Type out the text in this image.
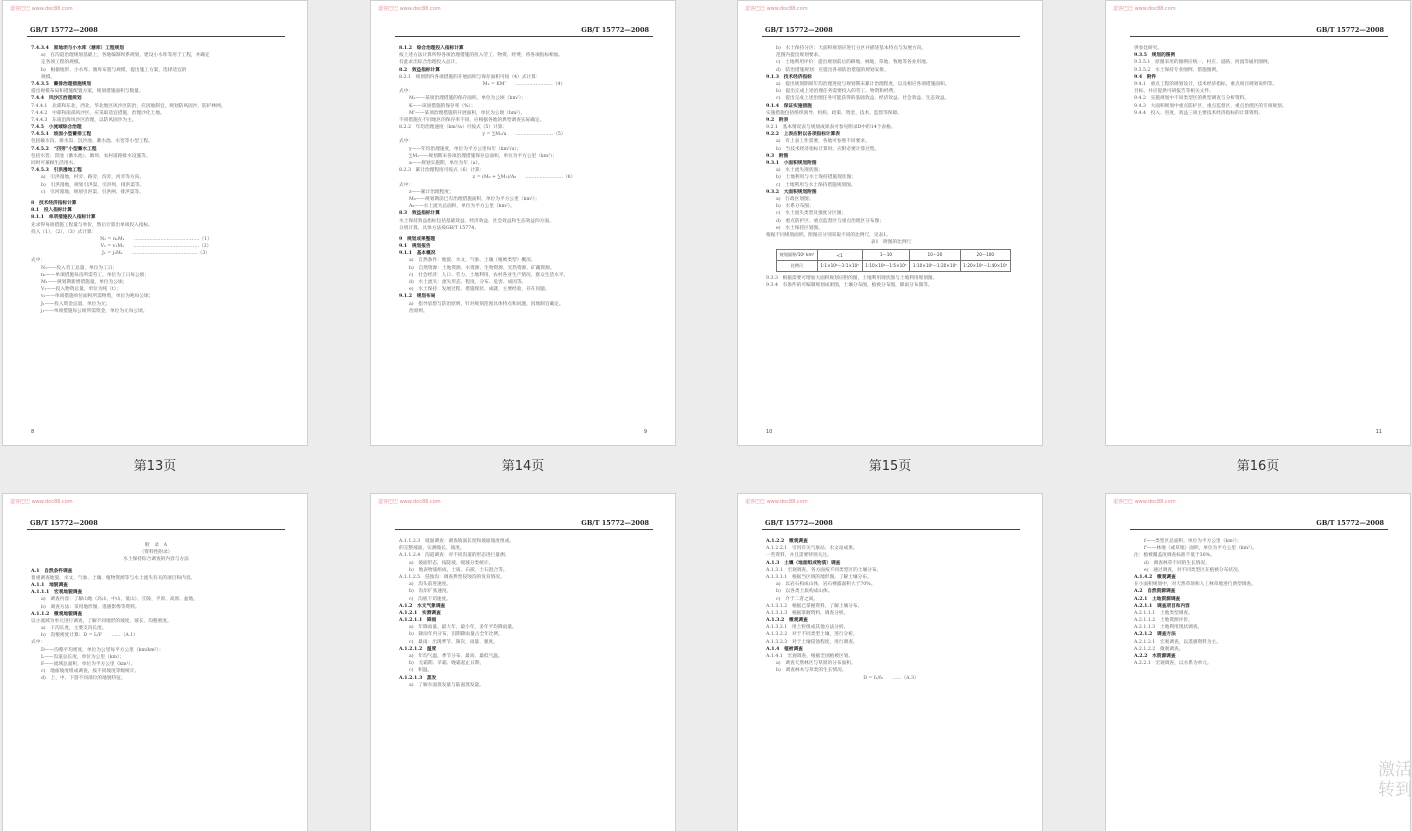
道客巴巴 www.doc88.com
GB/T 15772—2008
7.4.3.4　原地坝与小水库（塘库）工程规划
a)　在沟道治理规划基础上，各地编制坝系规划，建设小水库等用于工程，并确定
定各项工程的规模。
b)　根据地形、小水库、塘库布置与规模，提出施工方案，选择适宜的
规模。
7.4.3.5　蓄排治理措施规划
提出规模布局和措施配置方案，规划措施面积与数量。
7.4.4　风沙区治理规划
7.4.4.1　北部和东北、西北、华北地区风沙区防治，应因地制宜，规划防风固沙，防护林网。
7.4.4.2　中部和南部风沙区，应采取适宜措施，治理沙化土地。
7.4.4.3　东南沿海风沙区治理，以防风固沙为主。
7.4.5　小流域综合治理
7.4.5.1　坡面小型蓄排工程
包括截水沟、排水沟、沉沙池、蓄水池、水窖等小型工程。
7.4.5.2　“四旁”小型蓄水工程
包括水窖、涝池（蓄水池）、塘坝、农村道路排水设施等。
同时可兼顾生活用水。
7.4.5.3　引洪漫地工程
a)　引洪漫地，村旁、路旁，沟旁，河旁等方向。
b)　引洪漫地，规划引洪渠、引洪坝、排洪渠等。
c)　引河漫地，规划引洪渠、引洪闸、排洪渠等。
8　技术经济指标计算
8.1　投入指标计算
8.1.1　单项措施投入指标计算
先求得每项措施工程量与单价，然后计算出单项投入指标。
投入（1）、（2）、（3）式计算：
N₁ = n₁M₁　　……………………………………（1）
V₁ = v₁M₁　　……………………………………（2）
J₁ = j₁M₁　　……………………………………（3）
式中：
N₁——投入劳工总量，单位为工日；
n₁——单项措施每亩所需劳工，单位为工日每公顷；
M₁——规划期新增措施量，单位为公顷；
V₁——投入物资总量，单位为吨（t）；
v₁——单项措施单位面积所需物资，单位为吨每公顷；
J₁——投入资金总量，单位为元；
j₁——单项措施每公顷所需资金，单位为元每公顷。
8
道客巴巴 www.doc88.com
GB/T 15772—2008
8.1.2　综合治理投入指标计算
按上述方法计算所得各项治理措施的投入劳工、物资、经费，将各项指标相加。
有此求出综合治理投入总计。
8.2　效益指标计算
8.2.1　规划期内各项措施的开展面积与保存面积可按（4）式计算：
M₁ = KM'　　……………………（4）
式中：
M₁——某项治理措施的保存面积，单位为公顷（hm²）；
K——该项措施的保存率（%）；
M'——某项治理措施的开展面积，单位为公顷（hm²）。
不同措施在不同地区的保存率不同，应根据各地的典型调查实际确定。
8.2.2　年均治理速度（km²/a）可按式（5）计算：
y = ∑M₁/a　　……………………（5）
式中：
y——年均治理速度，单位为平方公里每年（km²/a）；
∑M₁——规划期末各项治理措施保存总面积，单位为平方公里（km²）；
a——规划实施期，单位为年（a）。
8.2.3　累计治理程度可按式（6）计算：
z = (M₀ + ∑M₁)/A₀　　……………………（6）
式中：
z——累计治理程度；
M₀——规划期前已有治理措施面积，单位为平方公里（km²）；
A₀——水土流失总面积，单位为平方公里（km²）。
8.3　效益指标计算
水土保持效益指标包括基础效益、经济效益、社会效益和生态效益四方面。
分别计算，具体方法按GB/T 15774。
9　规划成果整理
9.1　规划报告
9.1.1　基本概况
a)　自然条件：地貌、水文、气象、土壤（植被类型）概况。
b)　自然资源：土地资源、水资源、生物资源、光热资源、矿藏资源。
c)　社会经济：人口、劳力、土地利用、农村各业生产情况、群众生活水平。
d)　水土流失：流失形态、程度、分布、危害、成因等。
e)　水土保持：发展过程、措施现状、成就、主要经验、存在问题。
9.1.2　规划布局
a)　指导思想与防治原则，针对规划范围具体特点和问题，因地制宜确定。
治原则。
9
道客巴巴 www.doc88.com
GB/T 15772—2008
b)　水土保持分区：大面积规划应进行分区并描述基本特点与发展方向。
范围内提出规划要求。
c)　土地利用评价：提出规划前后的耕地、林地、草地、牧地等各业用地。
d)　防治措施规划：应提出各项防治措施的规划安排。
9.1.3　技术经济指标
a)　提出规划期间年均治理进度与规划期末累计治理程度，以及相应各项措施面积。
b)　提出完成上述治理任务需要投入的劳工、物资和经费。
c)　提出完成上述治理任务可能获得的基础效益、经济效益、社会效益、生态效益。
9.1.4　保证实施措施
实施措施包括组织领导、机构、政策、资金、技术、监督等保障。
9.2　附表
9.2.1　基本情况表与规划成果表可参见附录D中的14个表格。
9.2.2　上表应附以各项指标计算表
a)　有上表工作需要，各地可参照不同要求。
b)　当技术经济指标计算时，应附必要计算过程。
9.3　附图
9.3.1　小面积规划附图
a)　水土流失现状图；
b)　土地利用与水土保持措施现状图；
c)　土地利用与水土保持措施规划图。
9.3.2　大面积规划附图
a)　行政区划图；
b)　水系分布图；
c)　水土流失类型及强度分区图；
d)　重点防护区、重点监督区与重点治理区分布图；
e)　水土保持区划图。
根据不同规划面积，附图应分别采取不同的比例尺，见表1。
表1　附图的比例尺
规划面积/10² km²	<1	1～10	10～20	20～100
比例尺	1:1×10⁴～1:1×10⁵	1:10×10⁴～1:5×10⁵	1:10×10⁵～1:20×10⁵	1:20×10⁵～1:40×10⁵
9.3.3　根据需要可增加大面积规划应附的图，土地利用现状图与土地利用规划图。
9.3.4　有条件的可编制规划成果图，土壤分布图，植被分布图，降雨分布图等。
10
道客巴巴 www.doc88.com
GB/T 15772—2008
供参比研究。
9.3.5　规划的图例
9.3.5.1　原图采用的图例应统一，村庄、道路、河流等通用图例。
9.3.5.2　水土保持专业图例、措施图例。
9.4　附件
9.4.1　重点工程的规划设计，技术经济指标，重点项目规划说明等。
目标，并应提供可研报告等相关文件。
9.4.2　实施规划中不同类型区的典型调查与分析资料。
9.4.3　大面积规划中重点防护区、重点监督区、重点治理区的专项规划。
9.4.4　投入、进度、效益三项主要技术经济指标的计算资料。
11
第13页	第14页	第15页	第16页
道客巴巴 www.doc88.com
GB/T 15772—2008
附　录　A
（资料性附录）
水土保持综合调查的内容与方法
A.1　自然条件调查
着重调查地貌、水文、气象、土壤、植物资源等与水土流失有关的项目和内容。
A.1.1　地貌调查
A.1.1.1　宏观地貌调查
a)　调查内容：了解山地（高山、中山、低山）、丘陵、平原、高原、盆地。
b)　调查方法：采用地形图、遥感影像等资料。
A.1.1.2　微观地貌调查
以小流域为单元进行调查，了解不同地形的坡度、坡长、沟壑密度。
a)　干沟长度，主要支沟长度。
b)　沟壑密度计算：D = L/F　　……（A.1）
式中：
D——沟壑平均密度，单位为公里每平方公里（km/km²）；
L——沟道总长度，单位为公里（km）；
F——流域总面积，单位为平方公里（km²）。
c)　地面坡度组成调查，按不同坡度等级统计。
d)　上、中、下游不同部位的地貌特征。
道客巴巴 www.doc88.com
GB/T 15772—2008
A.1.1.2.3　坡面调查：调查坡面长度和坡面坡度组成。
的完整坡面，实测坡长、坡度。
A.1.1.2.4　沟道调查：对不同沟道的形态进行量测。
a)　坡面形态，按陡坡、缓坡分类统计。
b)　地表物质组成，土质、石质、土石混合等。
A.1.1.2.5　侵蚀沟：调查典型侵蚀沟的发育情况。
a)　沟头前进速度。
b)　沟岸扩张速度。
c)　沟底下切速度。
A.1.2　水文气象调查
A.1.2.1　实测调查
A.1.2.1.1　降雨
a)　年降雨量、最大年、最小年，多年平均降雨量。
b)　降雨年内分布，汛期降雨量占全年比例。
c)　暴雨：出现季节、频次、雨量、强度。
A.1.2.1.2　温度
a)　年均气温、季节分布、最高、最低气温。
b)　无霜期、早霜、晚霜起止日期。
c)　积温。
A.1.2.1.3　蒸发
a)　了解水面蒸发量与陆面蒸发量。
道客巴巴 www.doc88.com
GB/T 15772—2008
A.1.2.2　微观调查
A.1.2.2.1　引用有关气象站、水文站成果。
一些资料，并且需要特别关注。
A.1.3　土壤（地面组成物质）调查
A.1.3.1　宏观调查，各方面按不同类型区的土壤分布。
A.1.3.1.1　根据当区域的地形图，了解土壤分布。
a)　以岩石构成山体，岩石裸露面积大于70%。
b)　以各类土质构成山体。
c)　介于二者之间。
A.1.3.1.2　根据已掌握资料，了解土壤分布。
A.1.3.1.3　根据掌握资料，调查分析。
A.1.3.2　微观调查
A.1.3.2.1　用土粒组成其他方法分析。
A.1.3.2.2　对于不同类型土壤，进行分析。
A.1.3.2.3　对于土壤侵蚀程度，进行调查。
A.1.4　植被调查
A.1.4.1　宏观调查，根据全国植被区划。
a)　调查天然林区与草原的分布面积。
b)　调查林木与草类的生长情况。
D = f₁/f₀　　……（A.3）
道客巴巴 www.doc88.com
GB/T 15772—2008
f——类型区总面积，单位为平方公里（km²）；
f'——林地（或草地）面积，单位为平方公里（km²）。
注：植被覆盖度调查标准不低于30%。
d)　调查林草不同的生长情况。
e)　通过调查，对不同类型区在植被分布状况。
A.1.4.2　微观调查
在小面积规划中，对天然草场和人工林草地进行典型调查。
A.2　自然资源调查
A.2.1　土地资源调查
A.2.1.1　调查项目和内容
A.2.1.1.1　土地类型调查。
A.2.1.1.2　土地资源评价。
A.2.1.1.3　土地利用现状调查。
A.2.1.2　调查方法
A.2.1.2.1　宏观调查，以遥感资料为主。
A.2.1.2.2　微观调查。
A.2.2　水资源调查
A.2.2.1　宏观调查，以水系为单元。
激活
转到
